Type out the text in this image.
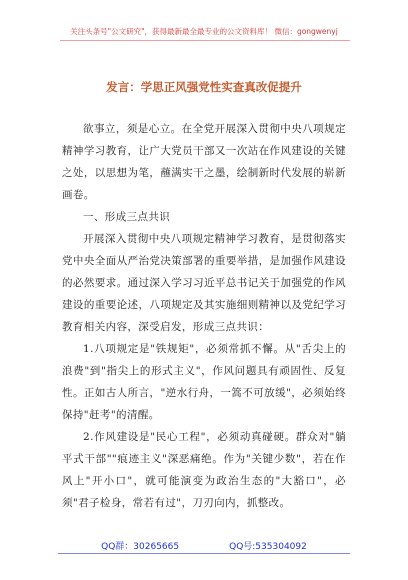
关注头条号"公文研究"，获得最新最全最专业的公文资料库！ 微信：gongwenyj
发言：学思正风强党性实查真改促提升

欲事立，须是心立。在全党开展深入贯彻中央八项规定精神学习教育，让广大党员干部又一次站在作风建设的关键之处，以思想为笔，蘸满实干之墨，绘制新时代发展的崭新画卷。

一、形成三点共识

开展深入贯彻中央八项规定精神学习教育，是贯彻落实党中央全面从严治党决策部署的重要举措，是加强作风建设的必然要求。通过深入学习习近平总书记关于加强党的作风建设的重要论述，八项规定及其实施细则精神以及党纪学习教育相关内容，深受启发，形成三点共识：

1.八项规定是"铁规矩"，必须常抓不懈。从"舌尖上的浪费"到"指尖上的形式主义"，作风问题具有顽固性、反复性。正如古人所言，"逆水行舟，一篙不可放缓"，必须始终保持"赶考"的清醒。

2.作风建设是"民心工程"，必须动真碰硬。群众对"躺平式干部""痕迹主义"深恶痛绝。作为"关键少数"，若在作风上"开小口"，就可能演变为政治生态的"大豁口"，必须"君子检身，常若有过"，刀刃向内，抓整改。

QQ群：30265665	QQ号:535304092
